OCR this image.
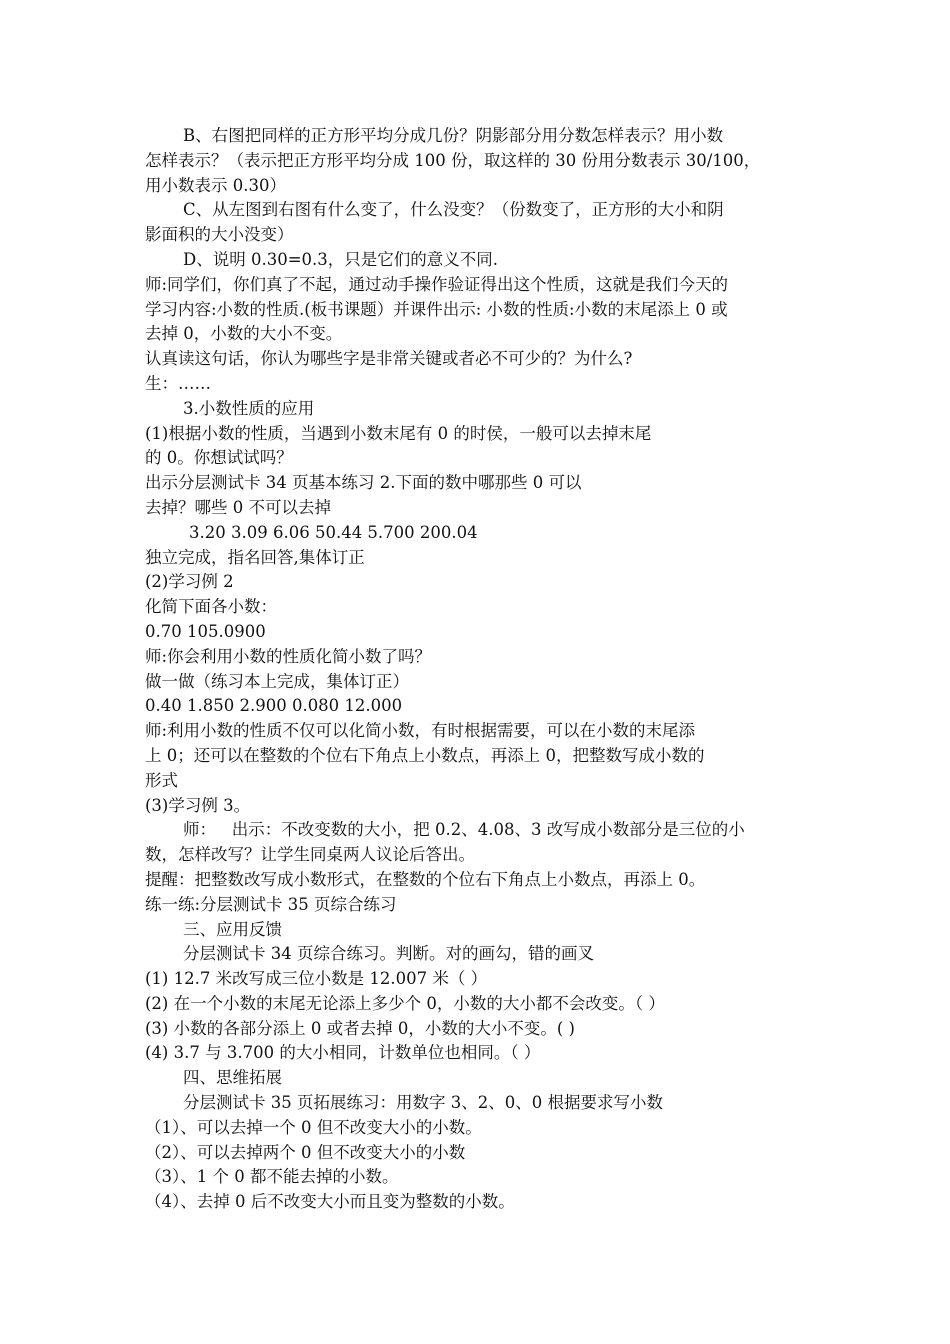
B、右图把同样的正方形平均分成几份？阴影部分用分数怎样表示？用小数
怎样表示？（表示把正方形平均分成 100 份，取这样的 30 份用分数表示 30/100，
用小数表示 0.30）
C、从左图到右图有什么变了，什么没变？（份数变了，正方形的大小和阴
影面积的大小没变）
D、说明 0.30=0.3，只是它们的意义不同.
师:同学们，你们真了不起，通过动手操作验证得出这个性质，这就是我们今天的
学习内容:小数的性质.(板书课题）并课件出示: 小数的性质:小数的末尾添上 0 或
去掉 0，小数的大小不变。
认真读这句话，你认为哪些字是非常关键或者必不可少的？为什么?
生：……
3.小数性质的应用
(1)根据小数的性质，当遇到小数末尾有 0 的时侯，一般可以去掉末尾
的 0。你想试试吗？
出示分层测试卡 34 页基本练习 2.下面的数中哪那些 0 可以
去掉？哪些 0 不可以去掉
3.20 3.09 6.06 50.44 5.700 200.04
独立完成，指名回答,集体订正
(2)学习例 2
化简下面各小数：
0.70 105.0900
师:你会利用小数的性质化简小数了吗？
做一做（练习本上完成，集体订正）
0.40 1.850 2.900 0.080 12.000
师:利用小数的性质不仅可以化简小数，有时根据需要，可以在小数的末尾添
上 0；还可以在整数的个位右下角点上小数点，再添上 0，把整数写成小数的
形式
(3)学习例 3。
师：   出示：不改变数的大小，把 0.2、4.08、3 改写成小数部分是三位的小
数，怎样改写？让学生同桌两人议论后答出。
提醒：把整数改写成小数形式，在整数的个位右下角点上小数点，再添上 0。
练一练:分层测试卡 35 页综合练习
三、应用反馈
分层测试卡 34 页综合练习。判断。对的画勾，错的画叉
(1) 12.7 米改写成三位小数是 12.007 米（ ）
(2) 在一个小数的末尾无论添上多少个 0，小数的大小都不会改变。（ ）
(3) 小数的各部分添上 0 或者去掉 0，小数的大小不变。( )
(4) 3.7 与 3.700 的大小相同，计数单位也相同。（ ）
四、思维拓展
分层测试卡 35 页拓展练习：用数字 3、2、0、0 根据要求写小数
（1）、可以去掉一个 0 但不改变大小的小数。
（2）、可以去掉两个 0 但不改变大小的小数
（3）、1 个 0 都不能去掉的小数。
（4）、去掉 0 后不改变大小而且变为整数的小数。
